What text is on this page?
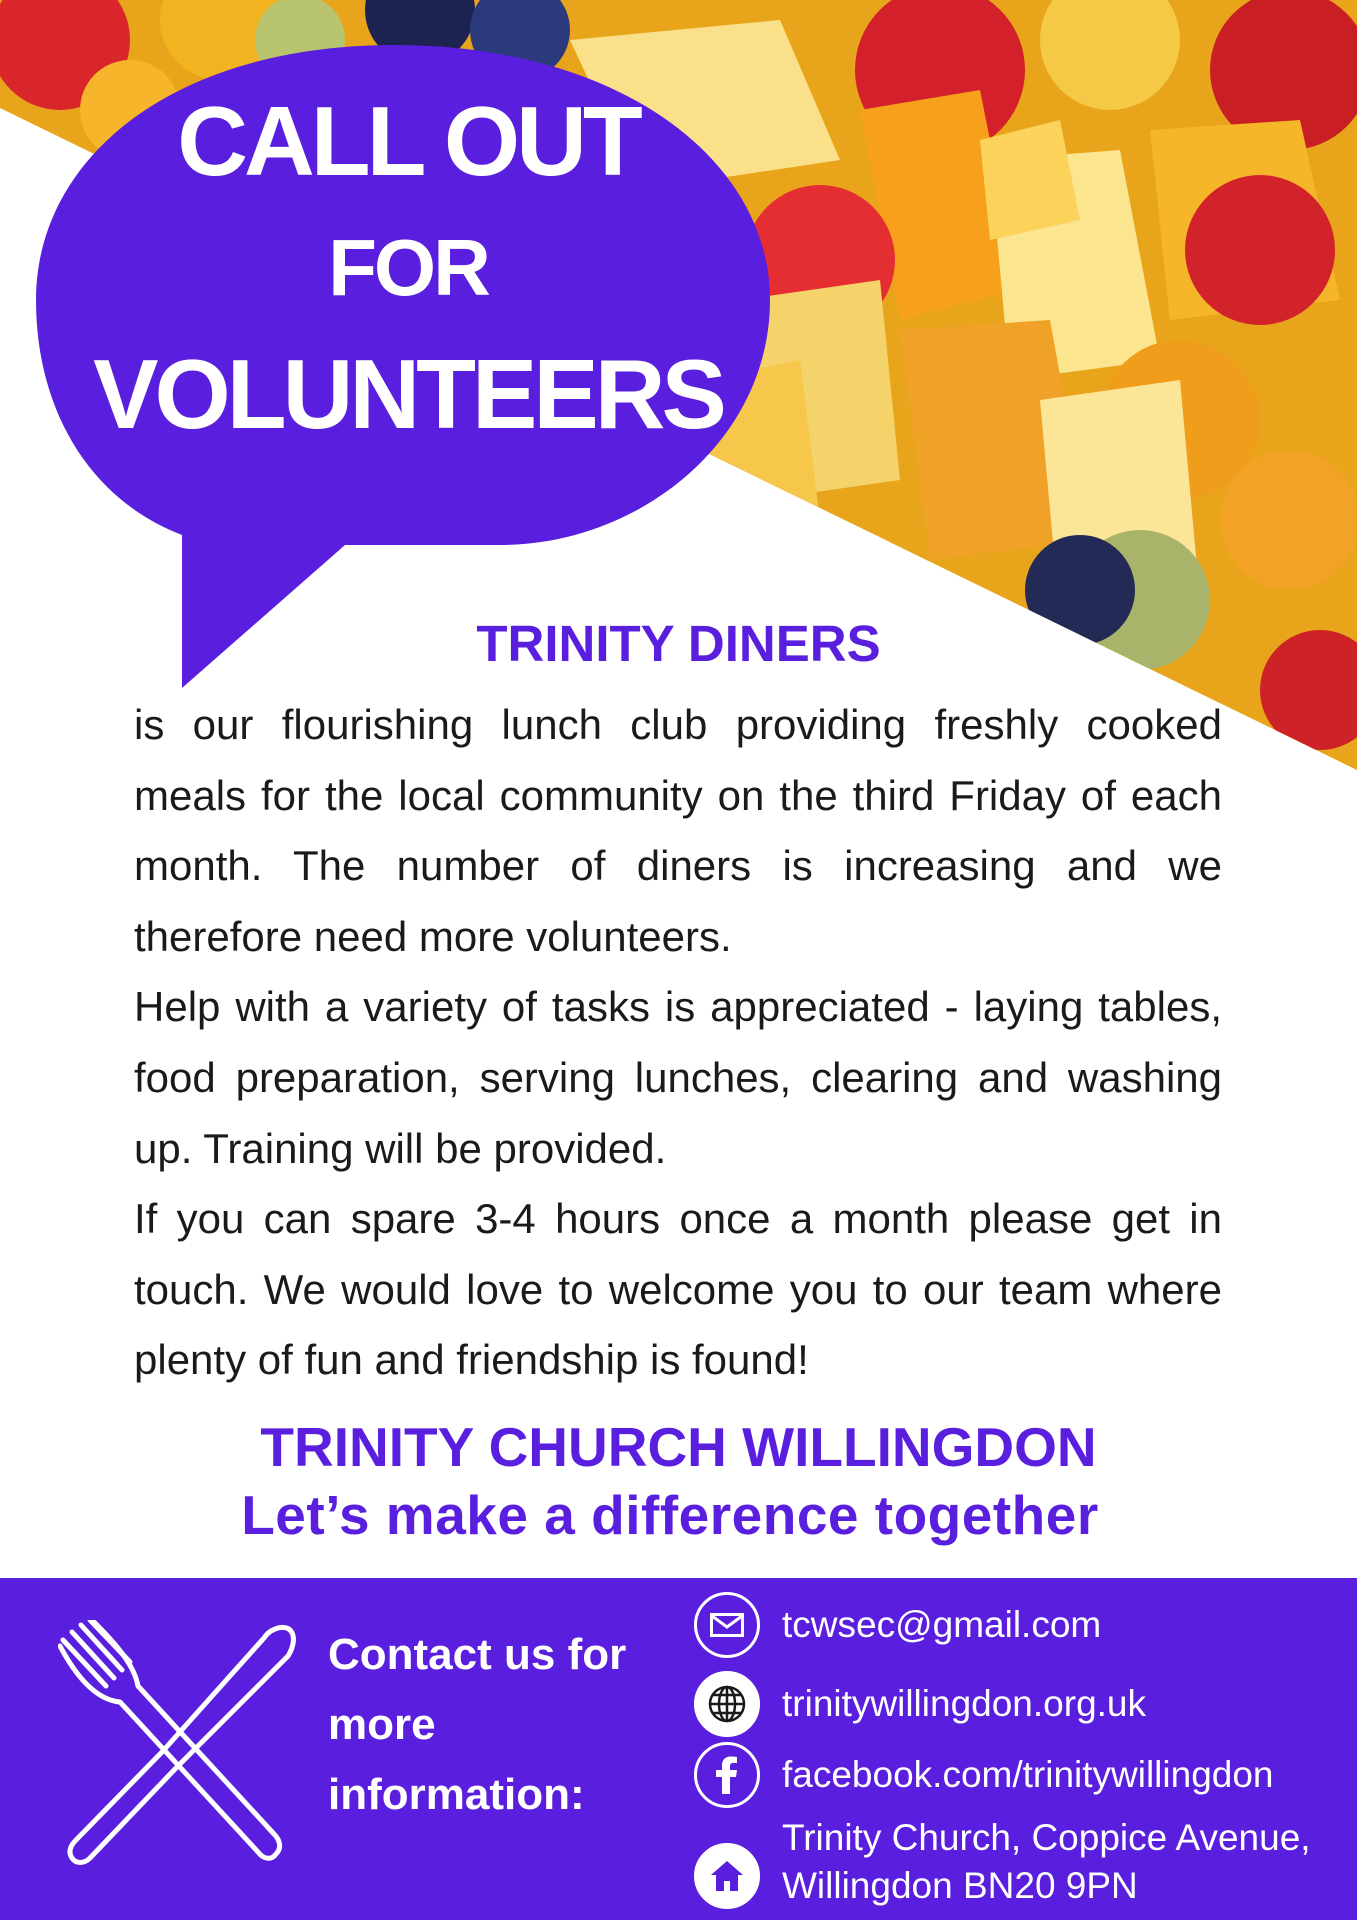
CALL OUT
FOR
VOLUNTEERS
TRINITY DINERS

is our flourishing lunch club providing freshly cooked meals for the local community on the third Friday of each month. The number of diners is increasing and we therefore need more volunteers.

Help with a variety of tasks is appreciated - laying tables, food preparation, serving lunches, clearing and washing up. Training will be provided.

If you can spare 3-4 hours once a month please get in touch. We would love to welcome you to our team where plenty of fun and friendship is found!

TRINITY CHURCH WILLINGDON
Let’s make a difference together
Contact us for
more
information:
tcwsec@gmail.com
trinitywillingdon.org.uk
facebook.com/trinitywillingdon
Trinity Church, Coppice Avenue,
Willingdon BN20 9PN
